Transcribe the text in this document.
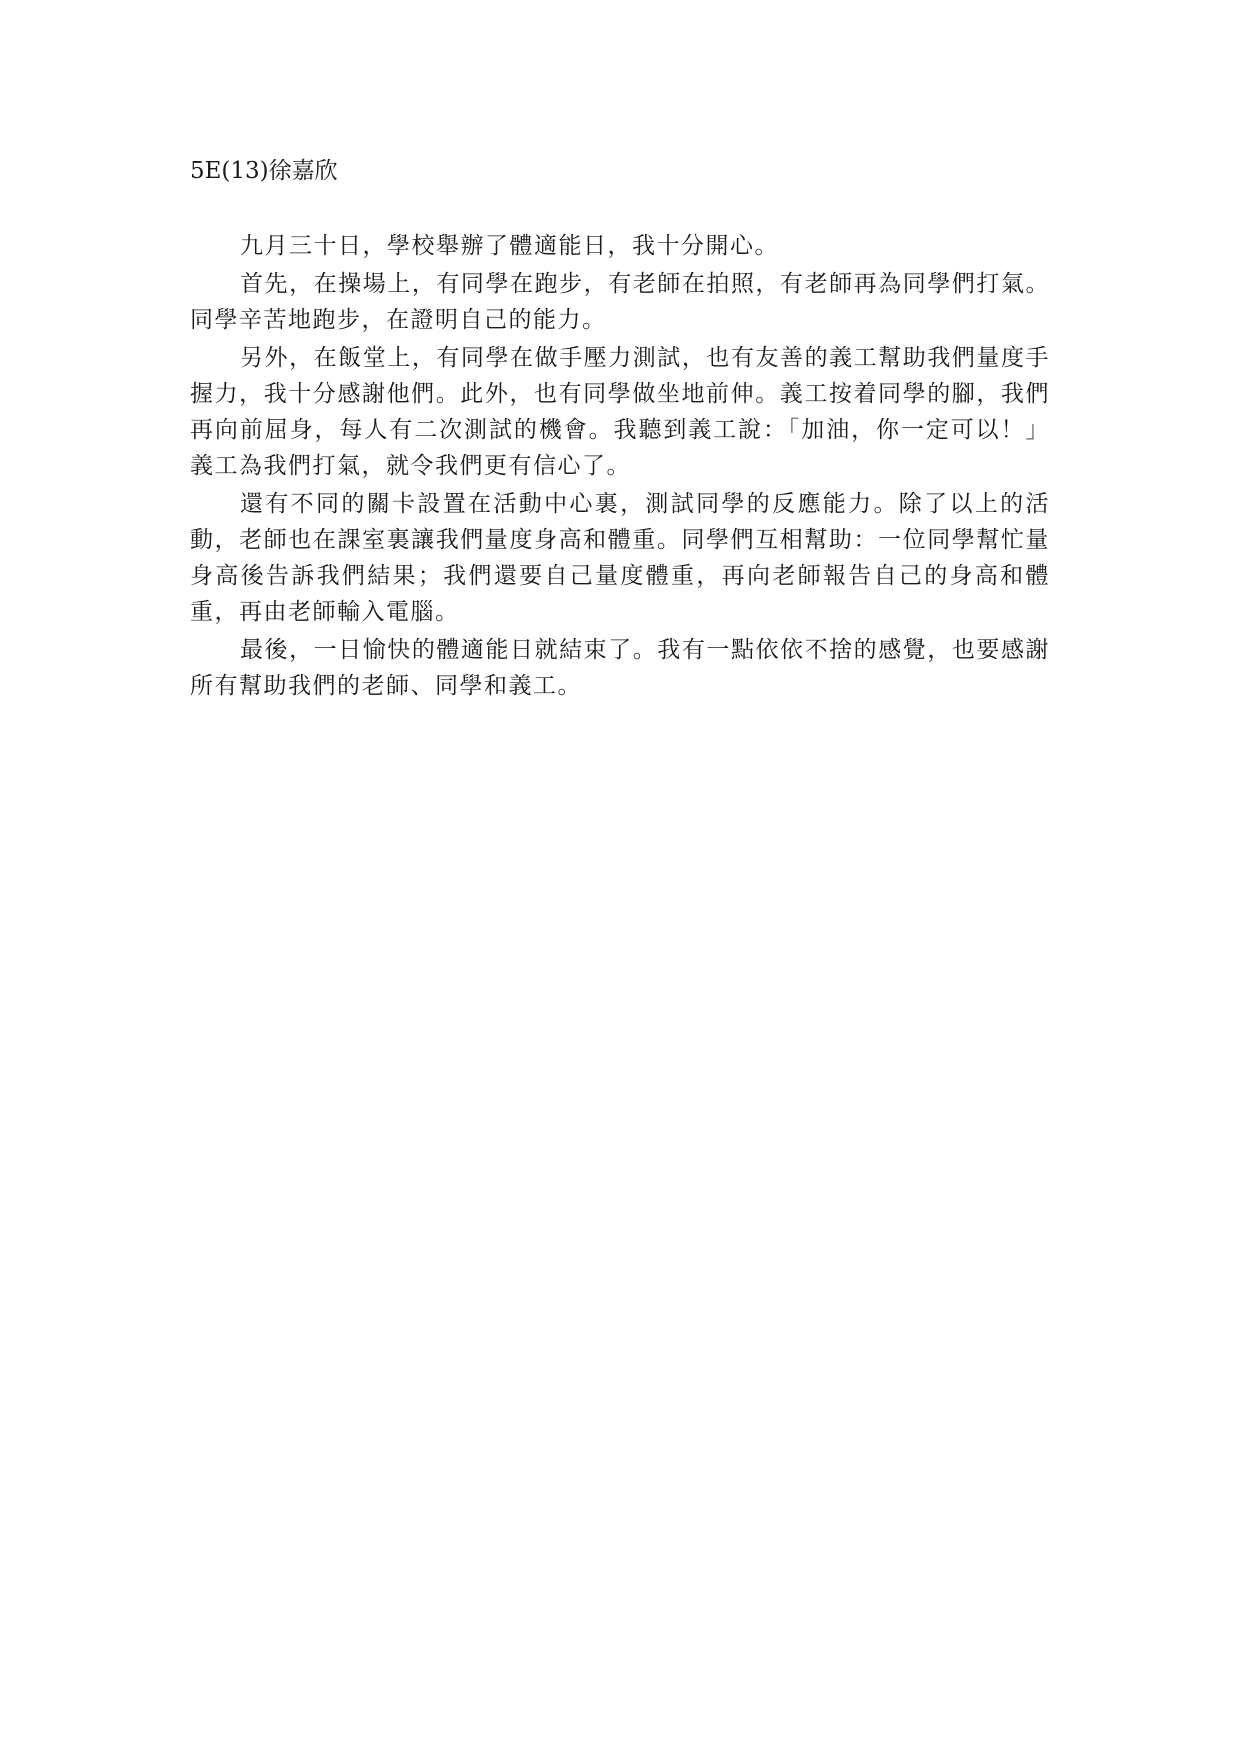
5E(13)徐嘉欣

九月三十日，學校舉辦了體適能日，我十分開心。

首先，在操場上，有同學在跑步，有老師在拍照，有老師再為同學們打氣。同學辛苦地跑步，在證明自己的能力。

另外，在飯堂上，有同學在做手壓力測試，也有友善的義工幫助我們量度手握力，我十分感謝他們。此外，也有同學做坐地前伸。義工按着同學的腳，我們再向前屈身，每人有二次測試的機會。我聽到義工說：「加油，你一定可以！」義工為我們打氣，就令我們更有信心了。

還有不同的關卡設置在活動中心裏，測試同學的反應能力。除了以上的活動，老師也在課室裏讓我們量度身高和體重。同學們互相幫助：一位同學幫忙量身高後告訴我們結果；我們還要自己量度體重，再向老師報告自己的身高和體重，再由老師輸入電腦。

最後，一日愉快的體適能日就結束了。我有一點依依不捨的感覺，也要感謝所有幫助我們的老師、同學和義工。
